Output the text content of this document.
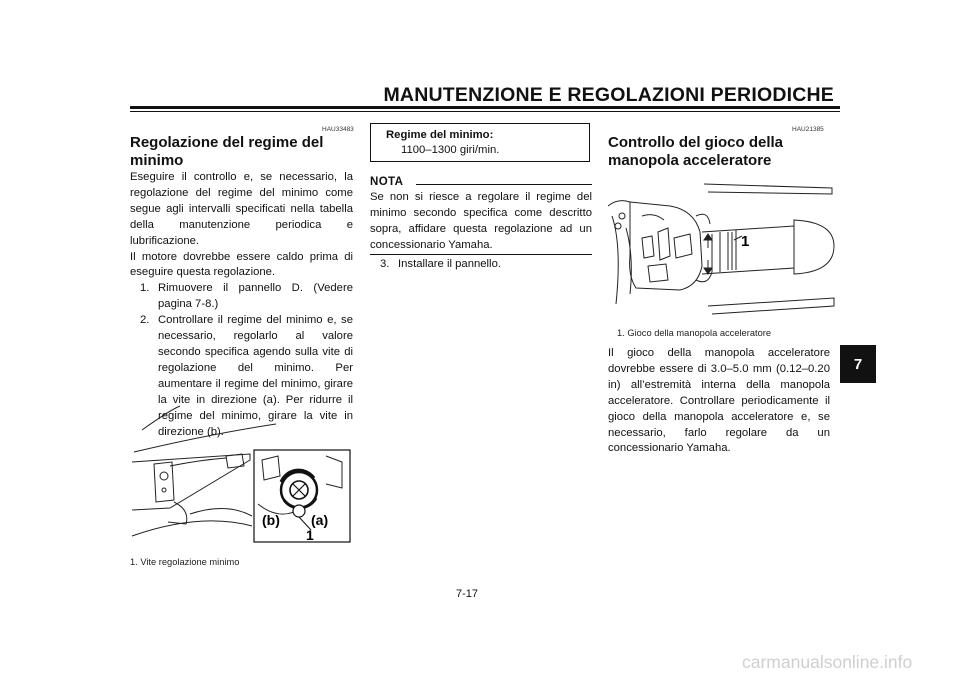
MANUTENZIONE E REGOLAZIONI PERIODICHE
7
HAU33483
Regolazione del regime del
minimo

Eseguire il controllo e, se necessario, la regolazione del regime del minimo come segue agli intervalli specificati nella tabella della manutenzione periodica e lubrificazione.

Il motore dovrebbe essere caldo prima di eseguire questa regolazione.

1. Rimuovere il pannello D. (Vedere pagina 7-8.)
2. Controllare il regime del minimo e, se necessario, regolarlo al valore secondo specifica agendo sulla vite di regolazione del minimo. Per aumentare il regime del minimo, girare la vite in direzione (a). Per ridurre il regime del minimo, girare la vite in direzione (b).
(b) (a)
1
1. Vite regolazione minimo
Regime del minimo:
1100–1300 giri/min.
NOTA
Se non si riesce a regolare il regime del minimo secondo specifica come descritto sopra, affidare questa regolazione ad un concessionario Yamaha.
3. Installare il pannello.
HAU21385
Controllo del gioco della
manopola acceleratore
1
1. Gioco della manopola acceleratore
Il gioco della manopola acceleratore dovrebbe essere di 3.0–5.0 mm (0.12–0.20 in) all’estremità interna della manopola acceleratore. Controllare periodicamente il gioco della manopola acceleratore e, se necessario, farlo regolare da un concessionario Yamaha.
7-17
carmanualsonline.info
